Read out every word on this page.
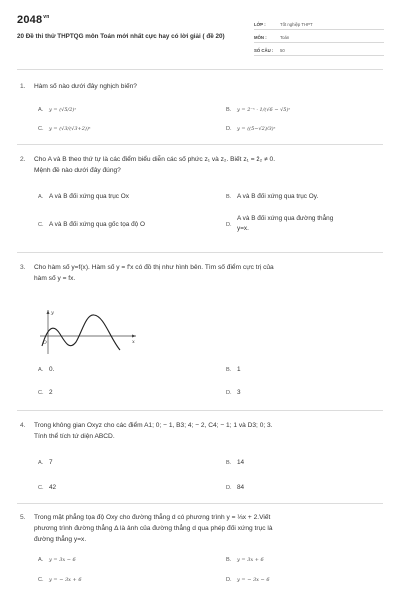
$2048^{vn}$
20 Đề thi thử THPTQG môn Toán mới nhất cực hay có lời giải ( đề 20)
LỚP :	Tốt nghiệp THPT
MÔN :	Toán
SỐ CÂU :	50
1.	Hàm số nào dưới đây nghịch biến?
A.	y = (√5/2)ˣ	B.	y = 2⁻ˣ · 1/(√6 − √5)ˣ
C.	y = (√3/(√3+2))ˣ	D.	y = ((5−√2)/3)ˣ
2.	Cho A và B theo thứ tự là các điểm biểu diễn các số phức z₁ và z₂. Biết z₁ = z̄₂ ≠ 0.
Mệnh đề nào dưới đây đúng?
A. A và B đối xứng qua trục Ox	B. A và B đối xứng qua trục Oy.
C. A và B đối xứng qua gốc tọa độ O	D.
A và B đối xứng qua đường thẳng
y=x.
3.	Cho hàm số y=f(x). Hàm số y = f′x có đồ thị như hình bên. Tìm số điểm cực trị của
hàm số y = fx.
y
x
O
A. 0.	B. 1
C. 2	D. 3
4.	Trong không gian Oxyz cho các điểm A1; 0; − 1, B3; 4; − 2, C4; − 1; 1 và D3; 0; 3.
Tính thể tích tứ diện ABCD.
A. 7	B. 14
C. 42	D. 84
5.	Trong mặt phẳng tọa độ Oxy cho đường thẳng d có phương trình y = ⅓x + 2.Viết
phương trình đường thẳng Δ là ảnh của đường thẳng d qua phép đối xứng trục là
đường thẳng y=x.
A.	y = 3x − 6	B.	y = 3x + 6
C.	y = − 3x + 6	D.	y = − 3x − 6
